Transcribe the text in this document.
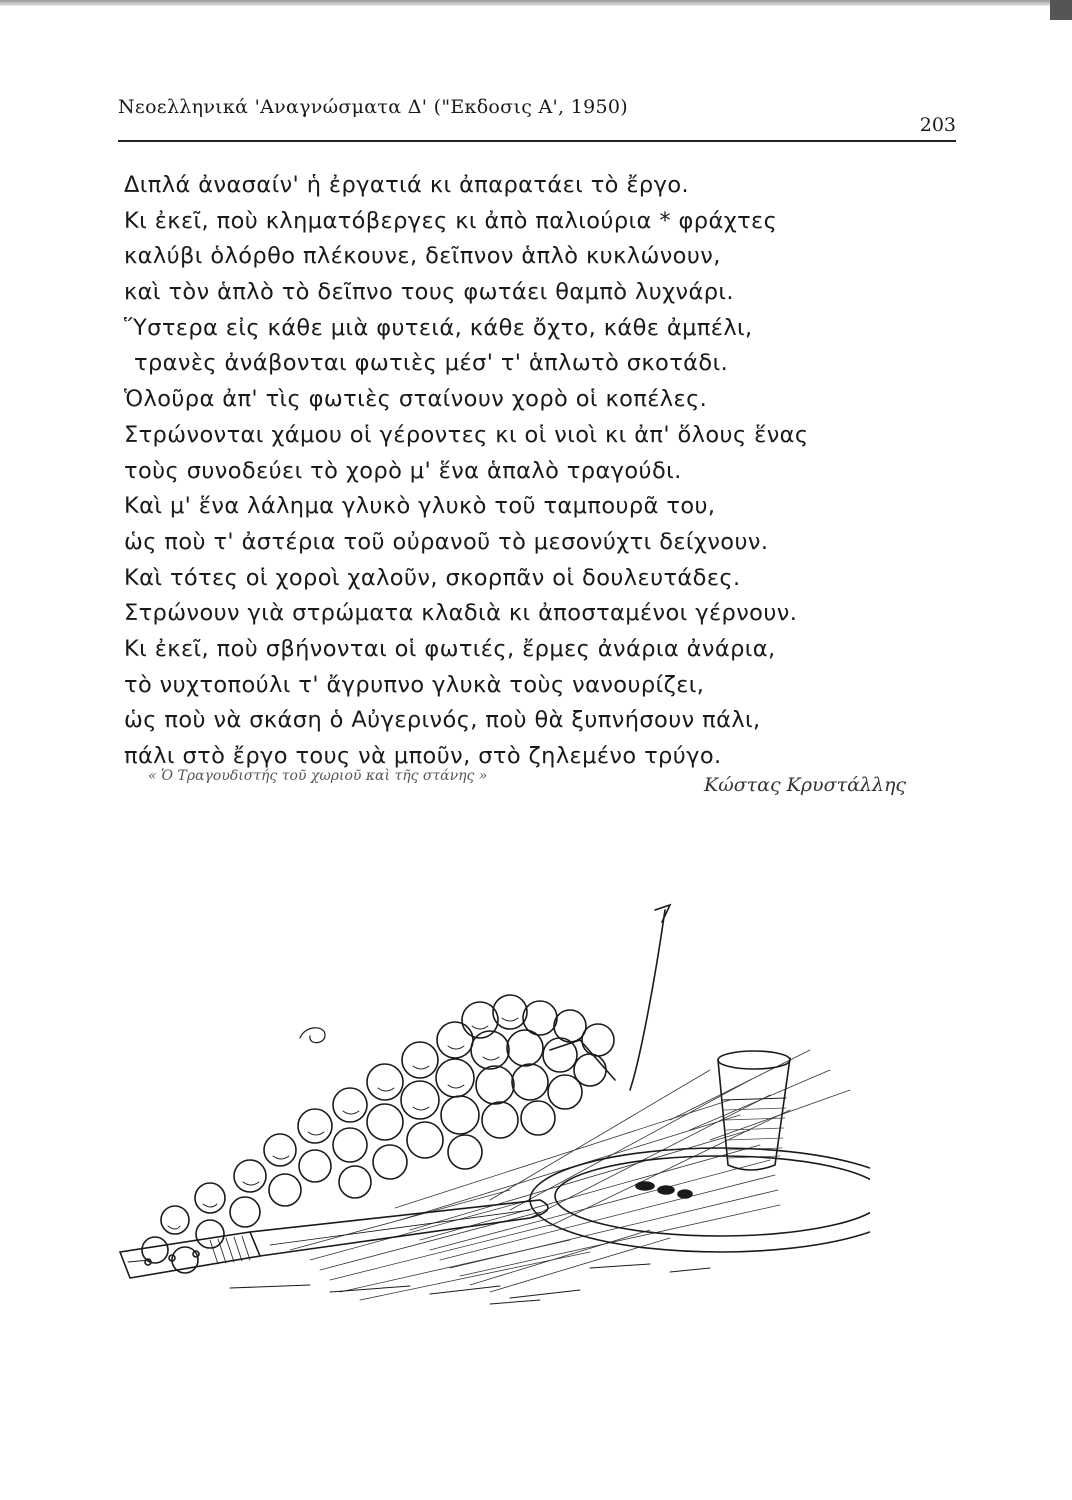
Νεοελληνικά 'Αναγνώσματα Δ' ("Εκδοσις Α', 1950)
203
Διπλά ἀνασαίν' ἡ ἐργατιά κι ἀπαρατάει τὸ ἔργο.
Κι ἐκεῖ, ποὺ κληματόβεργες κι ἀπὸ παλιούρια * φράχτες
καλύβι ὁλόρθο πλέκουνε, δεῖπνον ἁπλὸ κυκλώνουν,
καὶ τὸν ἁπλὸ τὸ δεῖπνο τους φωτάει θαμπὸ λυχνάρι.
Ὕστερα εἰς κάθε μιὰ φυτειά, κάθε ὄχτο, κάθε ἀμπέλι,
τρανὲς ἀνάβονται φωτιὲς μέσ' τ' ἁπλωτὸ σκοτάδι.
Ὁλοῦρα ἀπ' τὶς φωτιὲς σταίνουν χορὸ οἱ κοπέλες.
Στρώνονται χάμου οἱ γέροντες κι οἱ νιοὶ κι ἀπ' ὅλους ἕνας
τοὺς συνοδεύει τὸ χορὸ μ' ἕνα ἁπαλὸ τραγούδι.
Καὶ μ' ἕνα λάλημα γλυκὸ γλυκὸ τοῦ ταμπουρᾶ του,
ὡς ποὺ τ' ἀστέρια τοῦ οὐρανοῦ τὸ μεσονύχτι δείχνουν.
Καὶ τότες οἱ χοροὶ χαλοῦν, σκορπᾶν οἱ δουλευτάδες.
Στρώνουν γιὰ στρώματα κλαδιὰ κι ἀποσταμένοι γέρνουν.
Κι ἐκεῖ, ποὺ σβήνονται οἱ φωτιές, ἔρμες ἀνάρια ἀνάρια,
τὸ νυχτοπούλι τ' ἄγρυπνο γλυκὰ τοὺς νανουρίζει,
ὡς ποὺ νὰ σκάση ὁ Αὐγερινός, ποὺ θὰ ξυπνήσουν πάλι,
πάλι στὸ ἔργο τους νὰ μποῦν, στὸ ζηλεμένο τρύγο.
« Ὁ Τραγουδιστής τοῦ χωριοῦ καὶ τῆς στάνης »	Κώστας Κρυστάλλης
